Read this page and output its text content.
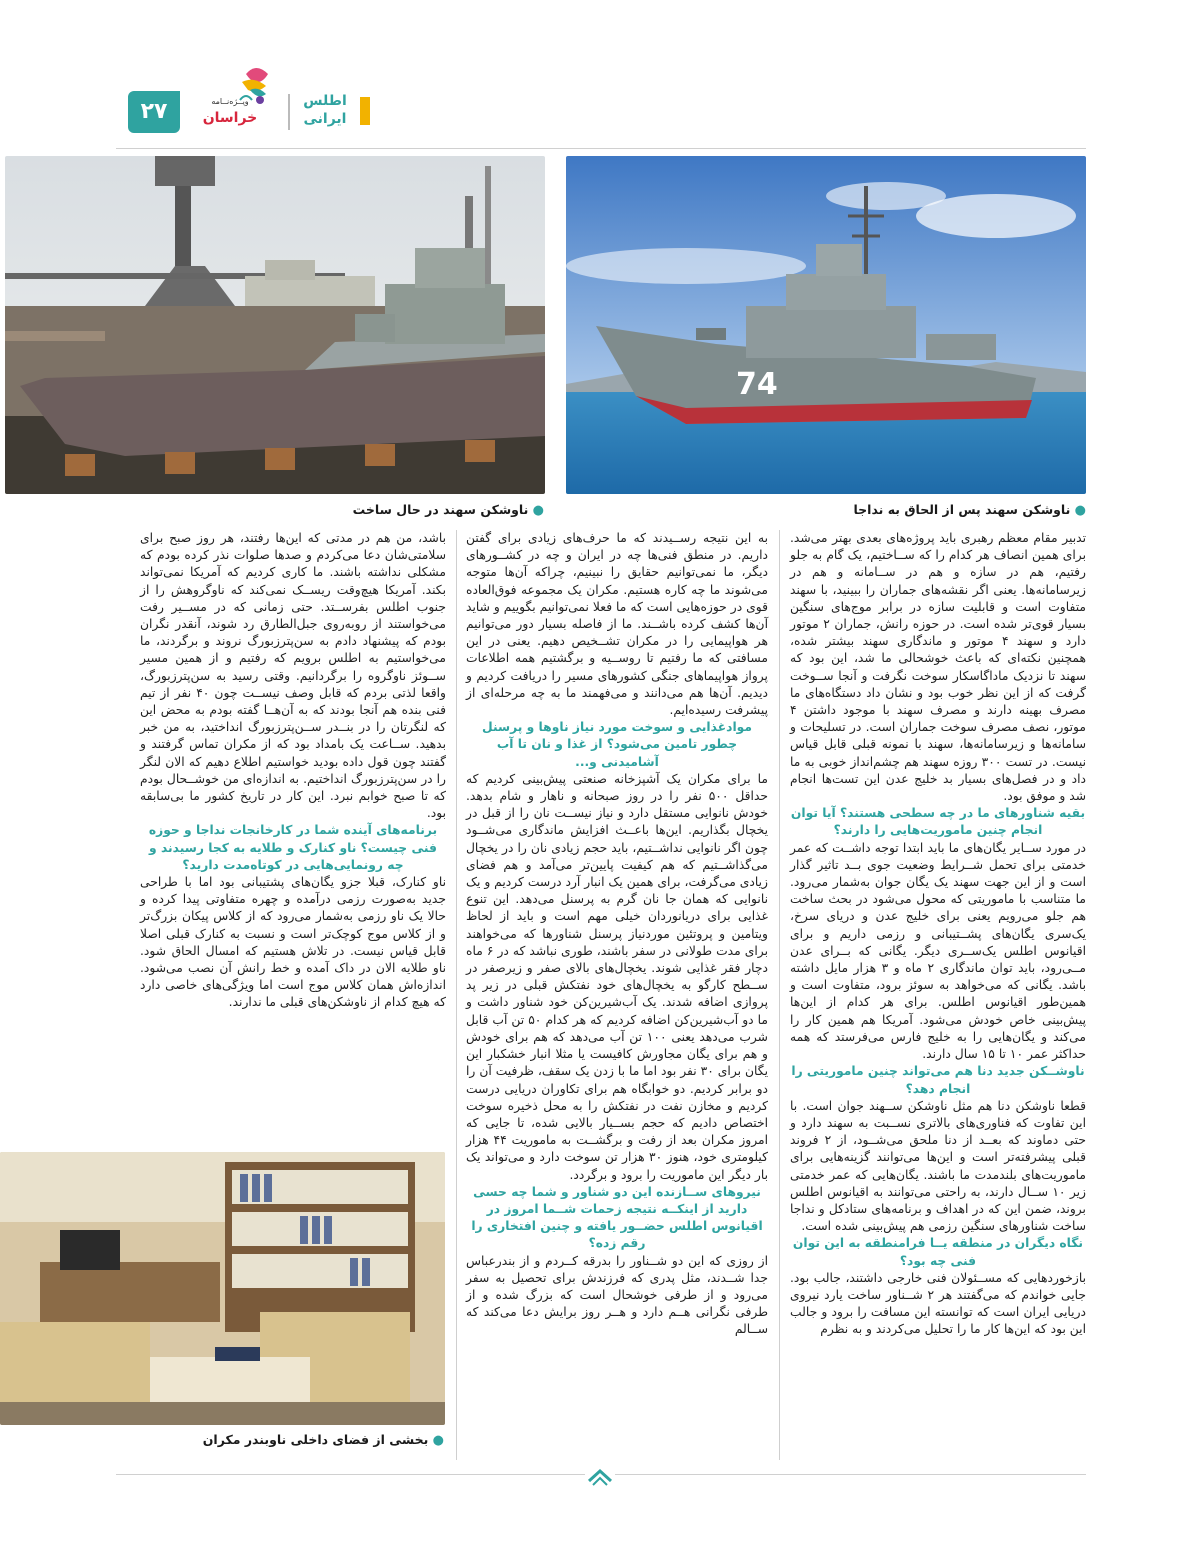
۲۷	ویــژه‌نــامه
خراسان
اطلس
ایرانی
74
● ناوشکن سهند پس از الحاق به نداجا
● ناوشکن سهند در حال ساخت

تدبیر مقام معظم رهبری باید پروژه‌های بعدی بهتر می‌شد. برای همین انصاف هر کدام را که ســاختیم، یک گام به جلو رفتیم، هم در سازه و هم در ســامانه و هم در زیرسامانه‌ها. یعنی اگر نقشه‌های جماران را ببینید، با سهند متفاوت است و قابلیت سازه در برابر موج‌های سنگین بسیار قوی‌تر شده است. در حوزه رانش، جماران ۲ موتور دارد و سهند ۴ موتور و ماندگاری سهند بیشتر شده، همچنین نکته‌ای که باعث خوشحالی ما شد، این بود که سهند تا نزدیک ماداگاسکار سوخت نگرفت و آنجا ســوخت گرفت که از این نظر خوب بود و نشان داد دستگاه‌های ما مصرف بهینه دارند و مصرف سهند با موجود داشتن ۴ موتور، نصف مصرف سوخت جماران است. در تسلیحات و سامانه‌ها و زیرسامانه‌ها، سهند با نمونه قبلی قابل قیاس نیست. در تست ۳۰۰ روزه سهند هم چشم‌انداز خوبی به ما داد و در فصل‌های بسیار بد خلیج عدن این تست‌ها انجام شد و موفق بود.

بقیه شناورهای ما در چه سطحی هستند؟ آیا توان انجام چنین ماموریت‌هایی را دارند؟

در مورد ســایر یگان‌های ما باید ابتدا توجه داشــت که عمر خدمتی برای تحمل شــرایط وضعیت جوی بــد تاثیر گذار است و از این جهت سهند یک یگان جوان به‌شمار می‌رود. ما متناسب با ماموریتی که محول می‌شود در بحث ساخت هم جلو می‌رویم یعنی برای خلیج عدن و دریای سرخ، یک‌سری یگان‌های پشــتیبانی و رزمی داریم و برای اقیانوس اطلس یک‌ســری دیگر. یگانی که بــرای عدن مــی‌رود، باید توان ماندگاری ۲ ماه و ۳ هزار مایل داشته باشد. یگانی که می‌خواهد به سوئز برود، متفاوت است و همین‌طور اقیانوس اطلس. برای هر کدام از این‌ها پیش‌بینی خاص خودش می‌شود. آمریکا هم همین کار را می‌کند و یگان‌هایی را به خلیج فارس می‌فرستد که همه حداکثر عمر ۱۰ تا ۱۵ سال دارند.

ناوشــکن جدید دنا هم می‌تواند چنین ماموریتی را انجام دهد؟

قطعا ناوشکن دنا هم مثل ناوشکن ســهند جوان است. با این تفاوت که فناوری‌های بالاتری نســبت به سهند دارد و حتی دماوند که بعــد از دنا ملحق می‌شــود، از ۲ فروند قبلی پیشرفته‌تر است و این‌ها می‌توانند گزینه‌هایی برای ماموریت‌های بلندمدت ما باشند. یگان‌هایی که عمر خدمتی زیر ۱۰ ســال دارند، به راحتی می‌توانند به اقیانوس اطلس بروند، ضمن این که در اهداف و برنامه‌های ستادکل و نداجا ساخت شناورهای سنگین رزمی هم پیش‌بینی شده است.

نگاه دیگران در منطقه یــا فرامنطقه به این توان فنی چه بود؟

بازخوردهایی که مســئولان فنی خارجی داشتند، جالب بود. جایی خواندم که می‌گفتند هر ۲ شــناور ساخت یارد نیروی دریایی ایران است که توانسته این مسافت را برود و جالب این بود که این‌ها کار ما را تحلیل می‌کردند و به نظرم

به این نتیجه رســیدند که ما حرف‌های زیادی برای گفتن داریم. در منطق فنی‌ها چه در ایران و چه در کشــورهای دیگر، ما نمی‌توانیم حقایق را نبینیم، چراکه آن‌ها متوجه می‌شوند ما چه کاره هستیم. مکران یک مجموعه فوق‌العاده قوی در حوزه‌هایی است که ما فعلا نمی‌توانیم بگوییم و شاید آن‌ها کشف کرده باشــند. ما از فاصله بسیار دور می‌توانیم هر هواپیمایی را در مکران تشــخیص دهیم. یعنی در این مسافتی که ما رفتیم تا روســیه و برگشتیم همه اطلاعات پرواز هواپیماهای جنگی کشورهای مسیر را دریافت کردیم و دیدیم. آن‌ها هم می‌دانند و می‌فهمند ما به چه مرحله‌ای از پیشرفت رسیده‌ایم.

موادغذایی و سوخت مورد نیاز ناوها و پرسنل چطور تامین می‌شود؟ از غذا و نان تا آب آشامیدنی و...

ما برای مکران یک آشپزخانه صنعتی پیش‌بینی کردیم که حداقل ۵۰۰ نفر را در روز صبحانه و ناهار و شام بدهد. خودش نانوایی مستقل دارد و نیاز نیســت نان را از قبل در یخچال بگذاریم. این‌ها باعــث افزایش ماندگاری می‌شــود چون اگر نانوایی نداشــتیم، باید حجم زیادی نان را در یخچال می‌گذاشــتیم که هم کیفیت پایین‌تر می‌آمد و هم فضای زیادی می‌گرفت، برای همین یک انبار آرد درست کردیم و یک نانوایی که همان جا نان گرم به پرسنل می‌دهد. این تنوع غذایی برای دریانوردان خیلی مهم است و باید از لحاظ ویتامین و پروتئین موردنیاز پرسنل شناورها که می‌خواهند برای مدت طولانی در سفر باشند، طوری نباشد که در ۶ ماه دچار فقر غذایی شوند. یخچال‌های بالای صفر و زیرصفر در ســطح کارگو به یخچال‌های خود نفتکش قبلی در زیر پد پروازی اضافه شدند. یک آب‌شیرین‌کن خود شناور داشت و ما دو آب‌شیرین‌کن اضافه کردیم که هر کدام ۵۰ تن آب قابل شرب می‌دهد یعنی ۱۰۰ تن آب می‌دهد که هم برای خودش و هم برای یگان مجاورش کافیست یا مثلا انبار خشکبار این یگان برای ۳۰ نفر بود اما ما با زدن یک سقف، ظرفیت آن را دو برابر کردیم. دو خوابگاه هم برای تکاوران دریایی درست کردیم و مخازن نفت در نفتکش را به محل ذخیره سوخت اختصاص دادیم که حجم بســیار بالایی شده، تا جایی که امروز مکران بعد از رفت و برگشــت به ماموریت ۴۴ هزار کیلومتری خود، هنوز ۳۰ هزار تن سوخت دارد و می‌تواند یک بار دیگر این ماموریت را برود و برگردد.

نیروهای ســازنده این دو شناور و شما چه حسی دارید از اینکــه نتیجه زحمات شــما امروز در اقیانوس اطلس حضــور یافته و چنین افتخاری را رقم زده؟

از روزی که این دو شــناور را بدرقه کــردم و از بندرعباس جدا شــدند، مثل پدری که فرزندش برای تحصیل به سفر می‌رود و از طرفی خوشحال است که بزرگ شده و از طرفی نگرانی هــم دارد و هــر روز برایش دعا می‌کند که ســالم

باشد، من هم در مدتی که این‌ها رفتند، هر روز صبح برای سلامتی‌شان دعا می‌کردم و صدها صلوات نذر کرده بودم که مشکلی نداشته باشند. ما کاری کردیم که آمریکا نمی‌تواند بکند. آمریکا هیچ‌وقت ریســک نمی‌کند که ناوگروهش را از جنوب اطلس بفرســتد. حتی زمانی که در مســیر رفت می‌خواستند از روبه‌روی جبل‌الطارق رد شوند، آنقدر نگران بودم که پیشنهاد دادم به سن‌پترزبورگ نروند و برگردند، ما می‌خواستیم به اطلس برویم که رفتیم و از همین مسیر ســوئز ناوگروه را برگردانیم. وقتی رسید به سن‌پترزبورگ، واقعا لذتی بردم که قابل وصف نیســت چون ۴۰ نفر از تیم فنی بنده هم آنجا بودند که به آن‌هــا گفته بودم به محض این که لنگرتان را در بنــدر ســن‌پترزبورگ انداختید، به من خبر بدهید. ســاعت یک بامداد بود که از مکران تماس گرفتند و گفتند چون قول داده بودید خواستیم اطلاع دهیم که الان لنگر را در سن‌پترزبورگ انداختیم. به اندازه‌ای من خوشــحال بودم که تا صبح خوابم نبرد. این کار در تاریخ کشور ما بی‌سابقه بود.

برنامه‌های آینده شما در کارخانجات نداجا و حوزه فنی چیست؟ ناو کنارک و طلایه به کجا رسیدند و چه رونمایی‌هایی در کوتاه‌مدت دارید؟

ناو کنارک، قبلا جزو یگان‌های پشتیبانی بود اما با طراحی جدید به‌صورت رزمی درآمده و چهره متفاوتی پیدا کرده و حالا یک ناو رزمی به‌شمار می‌رود که از کلاس پیکان بزرگ‌تر و از کلاس موج کوچک‌تر است و نسبت به کنارک قبلی اصلا قابل قیاس نیست. در تلاش هستیم که امسال الحاق شود. ناو طلایه الان در داک آمده و خط رانش آن نصب می‌شود. اندازه‌اش همان کلاس موج است اما ویژگی‌های خاصی دارد که هیچ کدام از ناوشکن‌های قبلی ما ندارند.

● بخشی از فضای داخلی ناوبندر مکران
